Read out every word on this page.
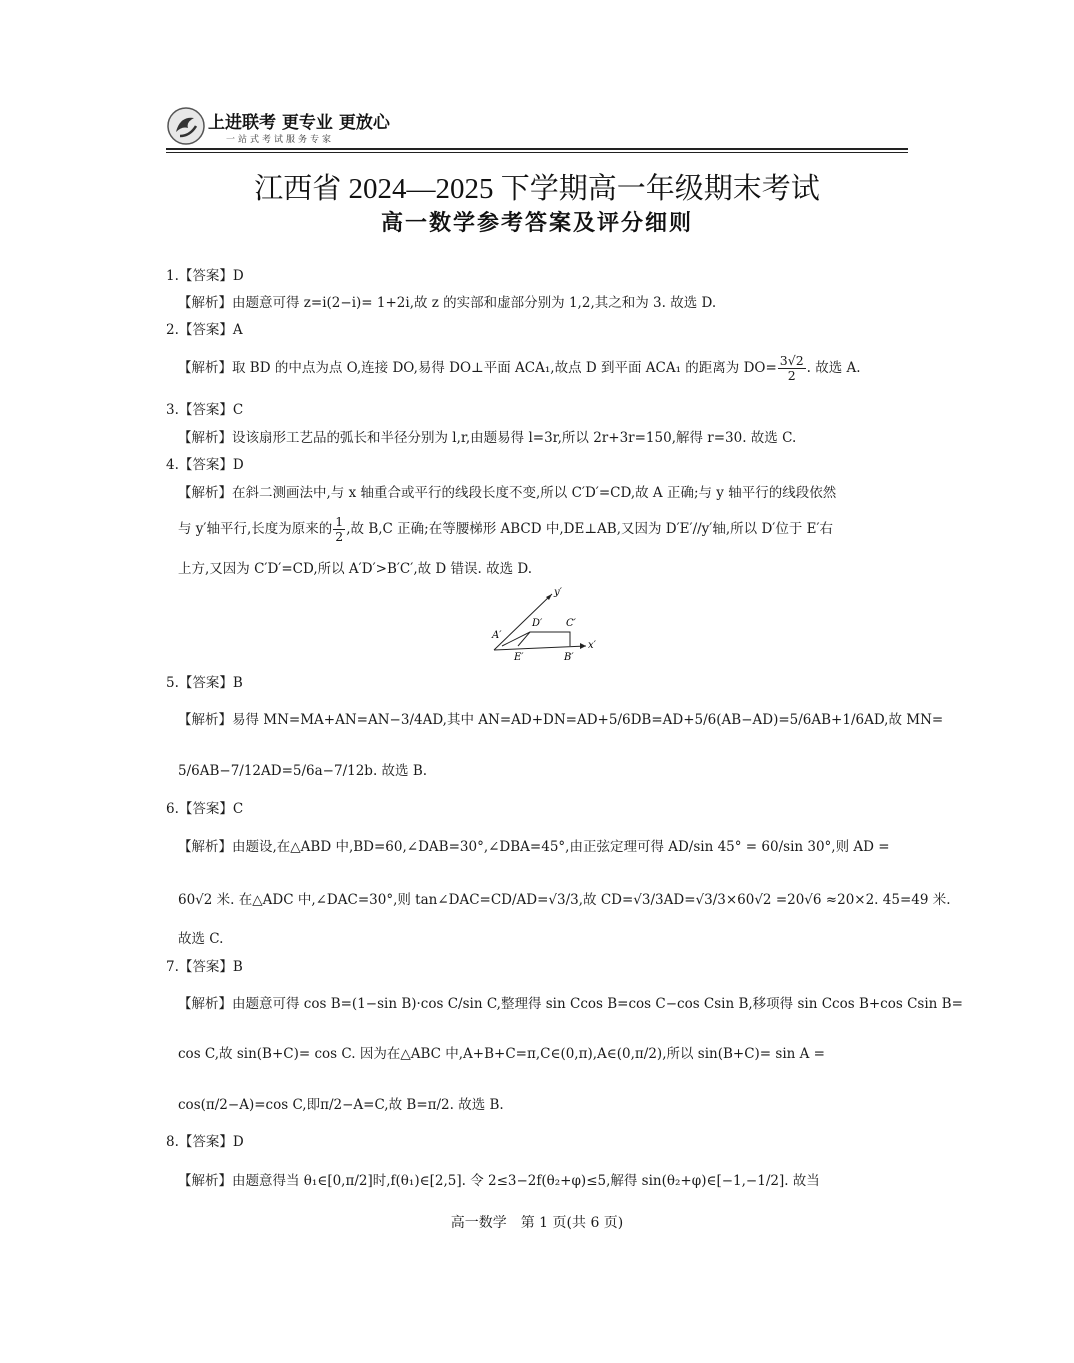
上进联考 更专业 更放心
一站式考试服务专家
江西省 2024—2025 下学期高一年级期末考试
高一数学参考答案及评分细则
1.【答案】D
【解析】由题意可得 z=i(2−i)= 1+2i,故 z 的实部和虚部分别为 1,2,其之和为 3. 故选 D.
2.【答案】A
【解析】取 BD 的中点为点 O,连接 DO,易得 DO⊥平面 ACA₁,故点 D 到平面 ACA₁ 的距离为 $DO= \frac{3√2}{2}$ . 故选 A.
3.【答案】C
【解析】设该扇形工艺品的弧长和半径分别为 l,r,由题易得 l=3r,所以 2r+3r=150,解得 r=30. 故选 C.
4.【答案】D
【解析】在斜二测画法中,与 x 轴重合或平行的线段长度不变,所以 C′D′=CD,故 A 正确;与 y 轴平行的线段依然
与 y′轴平行,长度为原来的 $\frac{1}{2}$ ,故 B,C 正确;在等腰梯形 ABCD 中,DE⊥AB,又因为 D′E′//y′轴,所以 D′位于 E′右
上方,又因为 C′D′=CD,所以 A′D′>B′C′,故 D 错误. 故选 D.
y′
D′ C′
A′
x′
E′	B′
5.【答案】B
【解析】易得 MN=MA+AN=AN−3/4AD,其中 AN=AD+DN=AD+5/6DB=AD+5/6(AB−AD)=5/6AB+1/6AD,故 MN=
5/6AB−7/12AD=5/6a−7/12b. 故选 B.
6.【答案】C
【解析】由题设,在△ABD 中,BD=60,∠DAB=30°,∠DBA=45°,由正弦定理可得 AD/sin 45° = 60/sin 30°,则 AD =
60√2 米. 在△ADC 中,∠DAC=30°,则 tan∠DAC=CD/AD=√3/3,故 CD=√3/3AD=√3/3×60√2 =20√6 ≈20×2. 45=49 米.
故选 C.
7.【答案】B
【解析】由题意可得 cos B=(1−sin B)·cos C/sin C,整理得 sin Ccos B=cos C−cos Csin B,移项得 sin Ccos B+cos Csin B=
cos C,故 sin(B+C)= cos C. 因为在△ABC 中,A+B+C=π,C∈(0,π),A∈(0,π/2),所以 sin(B+C)= sin A =
cos(π/2−A)=cos C,即π/2−A=C,故 B=π/2. 故选 B.
8.【答案】D
【解析】由题意得当 θ₁∈[0,π/2]时,f(θ₁)∈[2,5]. 令 2≤3−2f(θ₂+φ)≤5,解得 sin(θ₂+φ)∈[−1,−1/2]. 故当
高一数学　第 1 页(共 6 页)
